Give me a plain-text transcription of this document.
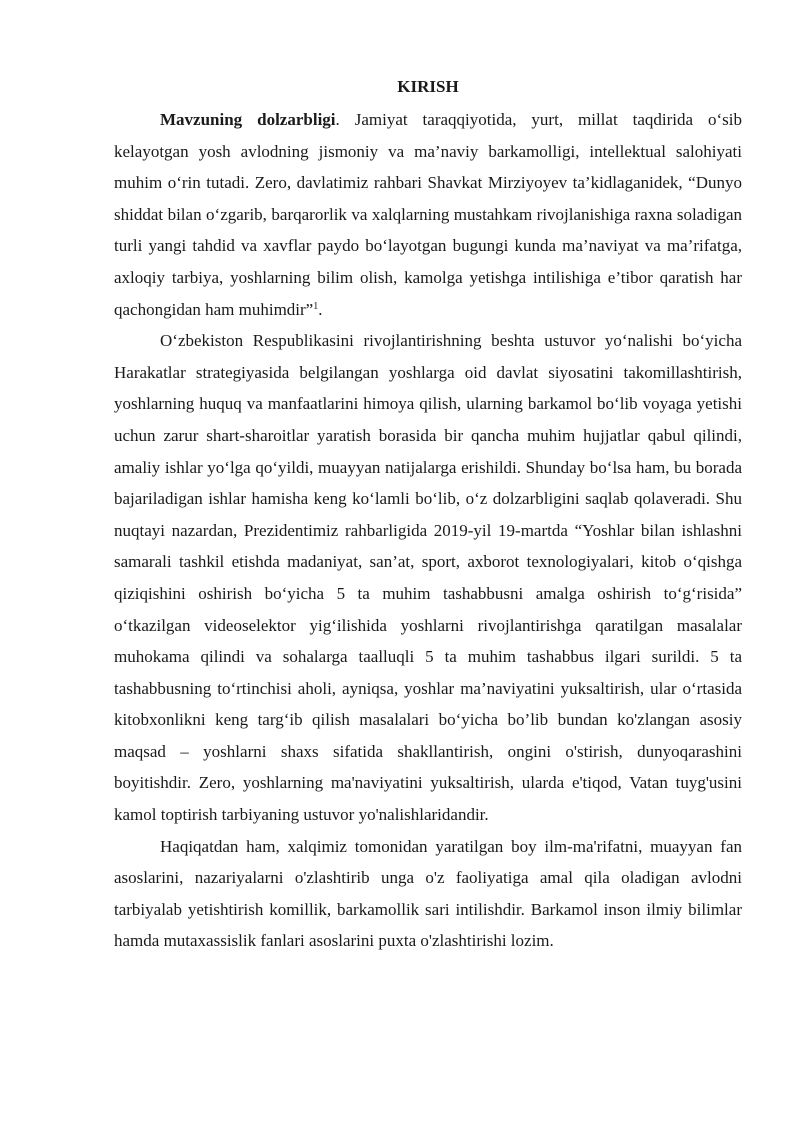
KIRISH

Mavzuning dolzarbligi. Jamiyat taraqqiyotida, yurt, millat taqdirida o‘sib kelayotgan yosh avlodning jismoniy va ma’naviy barkamolligi, intellektual salohiyati muhim o‘rin tutadi. Zero, davlatimiz rahbari Shavkat Mirziyoyev ta’kidlaganidek, “Dunyo shiddat bilan o‘zgarib, barqarorlik va xalqlarning mustahkam rivojlanishiga raxna soladigan turli yangi tahdid va xavflar paydo bo‘layotgan bugungi kunda ma’naviyat va ma’rifatga, axloqiy tarbiya, yoshlarning bilim olish, kamolga yetishga intilishiga e’tibor qaratish har qachongidan ham muhimdir”$^1$.

O‘zbekiston Respublikasini rivojlantirishning beshta ustuvor yo‘nalishi bo‘yicha Harakatlar strategiyasida belgilangan yoshlarga oid davlat siyosatini takomillashtirish, yoshlarning huquq va manfaatlarini himoya qilish, ularning barkamol bo‘lib voyaga yetishi uchun zarur shart-sharoitlar yaratish borasida bir qancha muhim hujjatlar qabul qilindi, amaliy ishlar yo‘lga qo‘yildi, muayyan natijalarga erishildi. Shunday bo‘lsa ham, bu borada bajariladigan ishlar hamisha keng ko‘lamli bo‘lib, o‘z dolzarbligini saqlab qolaveradi. Shu nuqtayi nazardan, Prezidentimiz rahbarligida 2019-yil 19-martda “Yoshlar bilan ishlashni samarali tashkil etishda madaniyat, san’at, sport, axborot texnologiyalari, kitob o‘qishga qiziqishini oshirish bo‘yicha 5 ta muhim tashabbusni amalga oshirish to‘g‘risida” o‘tkazilgan videoselektor yig‘ilishida yoshlarni rivojlantirishga qaratilgan masalalar muhokama qilindi va sohalarga taalluqli 5 ta muhim tashabbus ilgari surildi. 5 ta tashabbusning to‘rtinchisi aholi, ayniqsa, yoshlar ma’naviyatini yuksaltirish, ular o‘rtasida kitobxonlikni keng targ‘ib qilish masalalari bo‘yicha bo’lib bundan ko'zlangan asosiy maqsad – yoshlarni shaxs sifatida shakllantirish, ongini o'stirish, dunyoqarashini boyitishdir. Zero, yoshlarning ma'naviyatini yuksaltirish, ularda e'tiqod, Vatan tuyg'usini kamol toptirish tarbiyaning ustuvor yo'nalishlaridandir.

Haqiqatdan ham, xalqimiz tomonidan yaratilgan boy ilm-ma'rifatni, muayyan fan asoslarini, nazariyalarni o'zlashtirib unga o'z faoliyatiga amal qila oladigan avlodni tarbiyalab yetishtirish komillik, barkamollik sari intilishdir. Barkamol inson ilmiy bilimlar hamda mutaxassislik fanlari asoslarini puxta o'zlashtirishi lozim.
